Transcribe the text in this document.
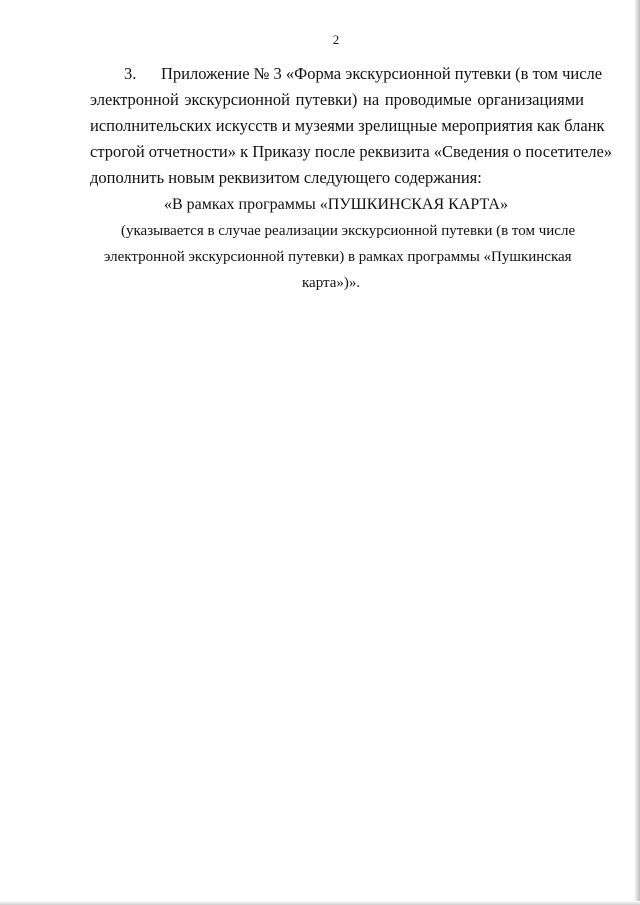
2
3. Приложение № 3 «Форма экскурсионной путевки (в том числе
электронной экскурсионной путевки) на проводимые организациями
исполнительских искусств и музеями зрелищные мероприятия как бланк
строгой отчетности» к Приказу после реквизита «Сведения о посетителе»
дополнить новым реквизитом следующего содержания:
«В рамках программы «ПУШКИНСКАЯ КАРТА»
(указывается в случае реализации экскурсионной путевки (в том числе
электронной экскурсионной путевки) в рамках программы «Пушкинская
карта»)».
